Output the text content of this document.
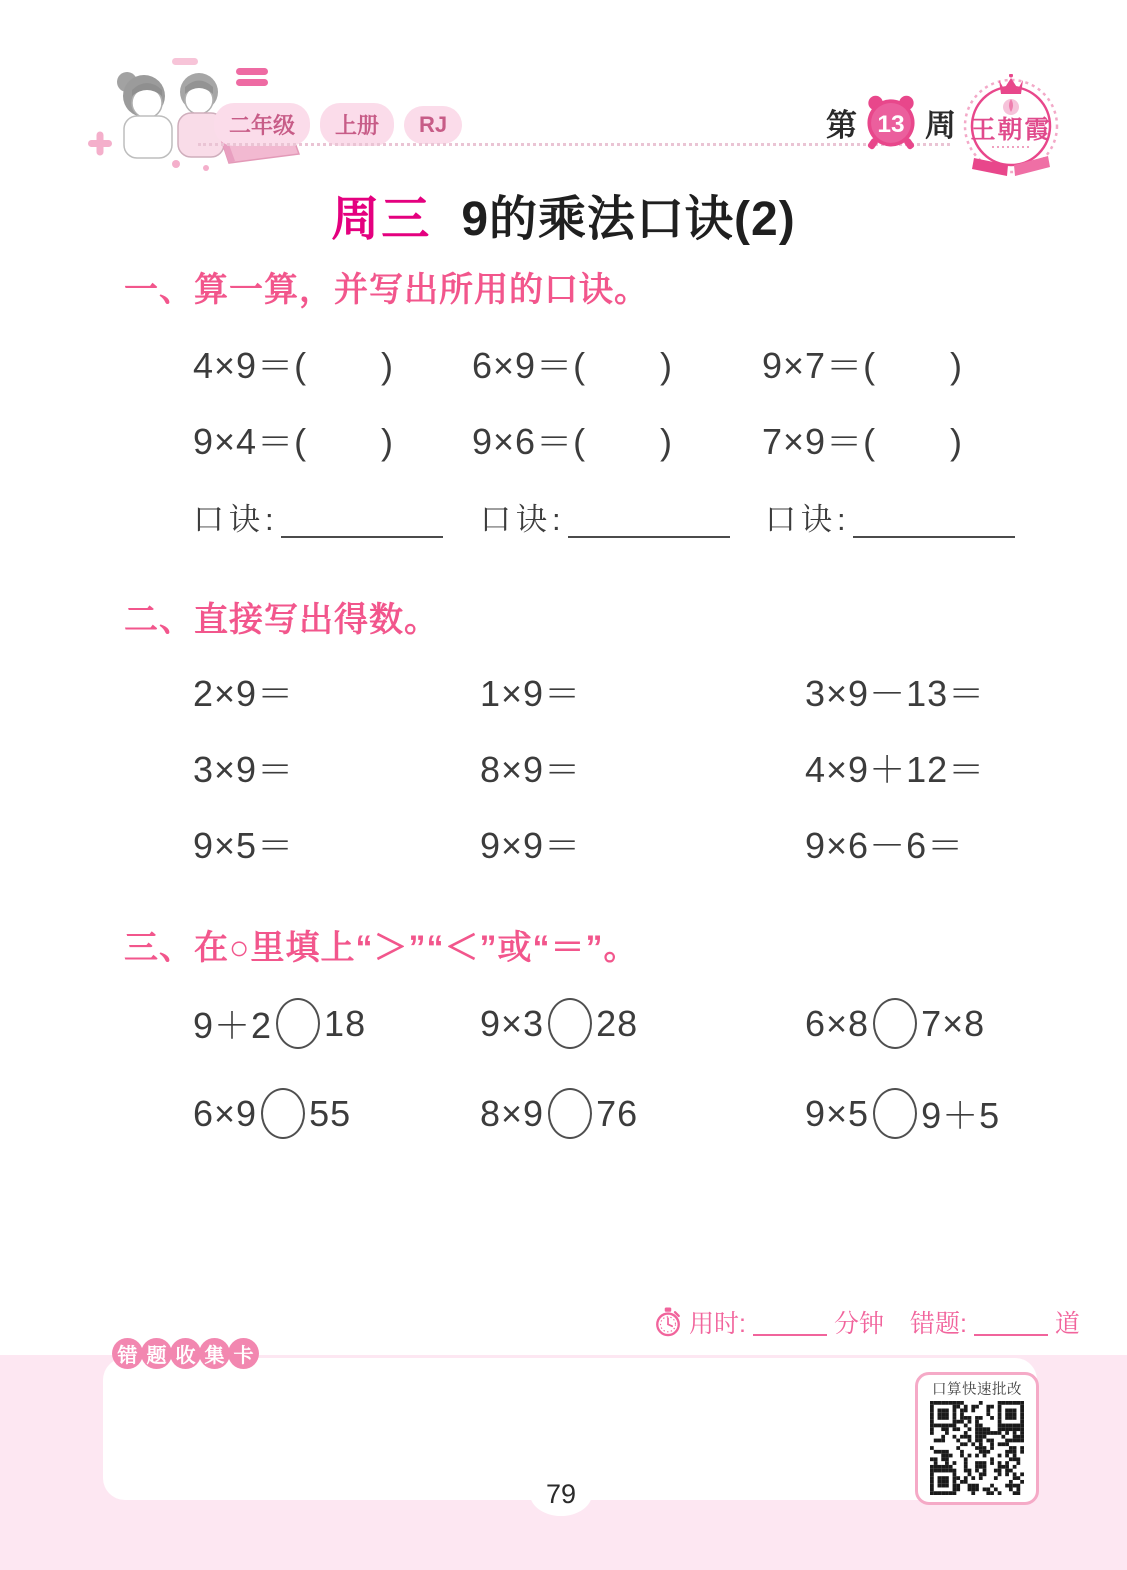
二年级	上册	RJ	第 13 周 王朝霞
周三 9的乘法口诀(2)
一、算一算，并写出所用的口诀。
4×9＝(　　) 6×9＝(　　) 9×7＝(　　)
9×4＝(　　) 9×6＝(　　) 7×9＝(　　)
口诀:	口诀:	口诀:
二、直接写出得数。
2×9＝	1×9＝	3×9－13＝
3×9＝	8×9＝	4×9＋12＝
9×5＝	9×9＝	9×6－6＝
三、在○里填上“＞”“＜”或“＝”。
9＋2 18	9×3 28	6×8 7×8
6×9 55	8×9 76	9×5 9＋5
用时:	分钟 错题:	道
错 题 收 集 卡
口算快速批改
79
